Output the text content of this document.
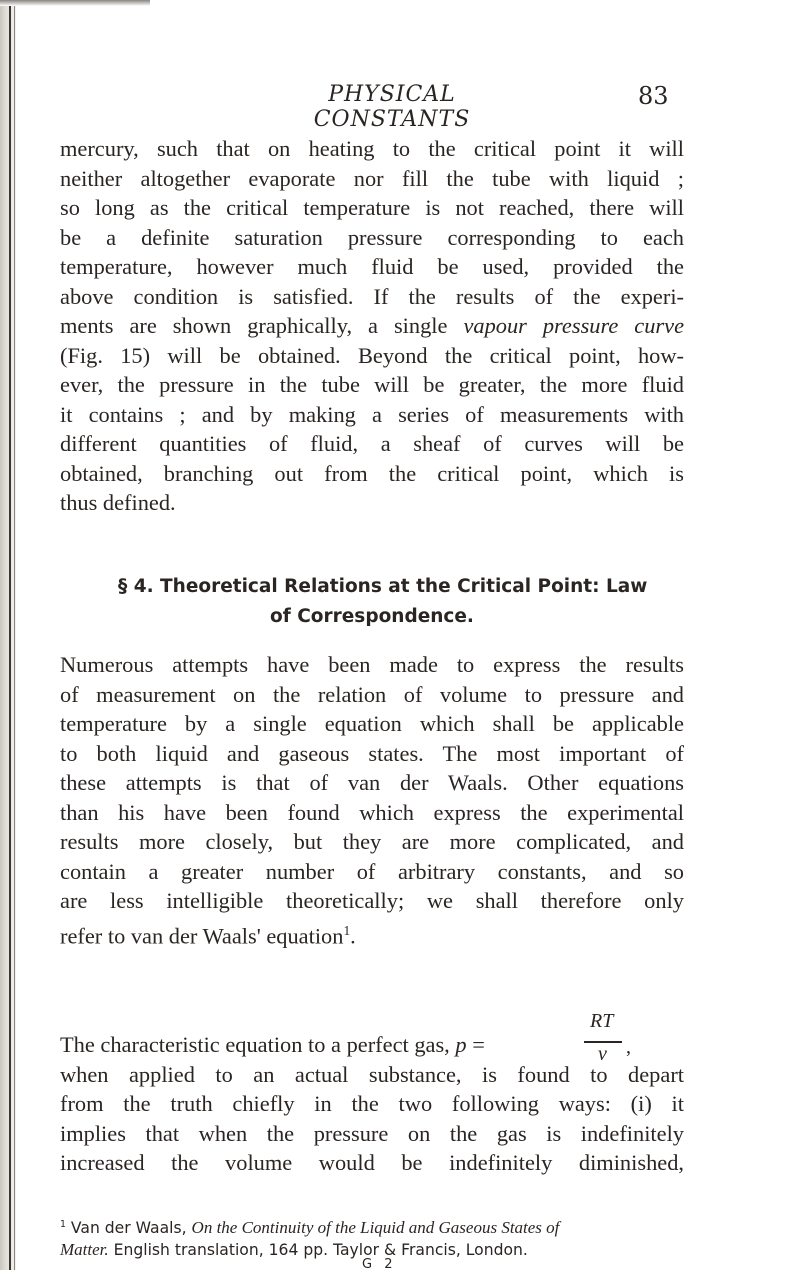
PHYSICAL CONSTANTS
83
mercury, such that on heating to the critical point it will
neither altogether evaporate nor fill the tube with liquid ;
so long as the critical temperature is not reached, there will
be a definite saturation pressure corresponding to each
temperature, however much fluid be used, provided the
above condition is satisfied. If the results of the experi-
ments are shown graphically, a single vapour pressure curve
(Fig. 15) will be obtained. Beyond the critical point, how-
ever, the pressure in the tube will be greater, the more fluid
it contains ; and by making a series of measurements with
different quantities of fluid, a sheaf of curves will be
obtained, branching out from the critical point, which is
thus defined.
§ 4. Theoretical Relations at the Critical Point: Law
of Correspondence.
Numerous attempts have been made to express the results
of measurement on the relation of volume to pressure and
temperature by a single equation which shall be applicable
to both liquid and gaseous states. The most important of
these attempts is that of van der Waals. Other equations
than his have been found which express the experimental
results more closely, but they are more complicated, and
contain a greater number of arbitrary constants, and so
are less intelligible theoretically; we shall therefore only
refer to van der Waals' equation$^1$.
The characteristic equation to a perfect gas, p =
when applied to an actual substance, is found to depart
from the truth chiefly in the two following ways: (i) it
implies that when the pressure on the gas is indefinitely
increased the volume would be indefinitely diminished,
RT
v ,
$^1$ Van der Waals, On the Continuity of the Liquid and Gaseous States of
Matter. English translation, 164 pp. Taylor & Francis, London.
G 2
